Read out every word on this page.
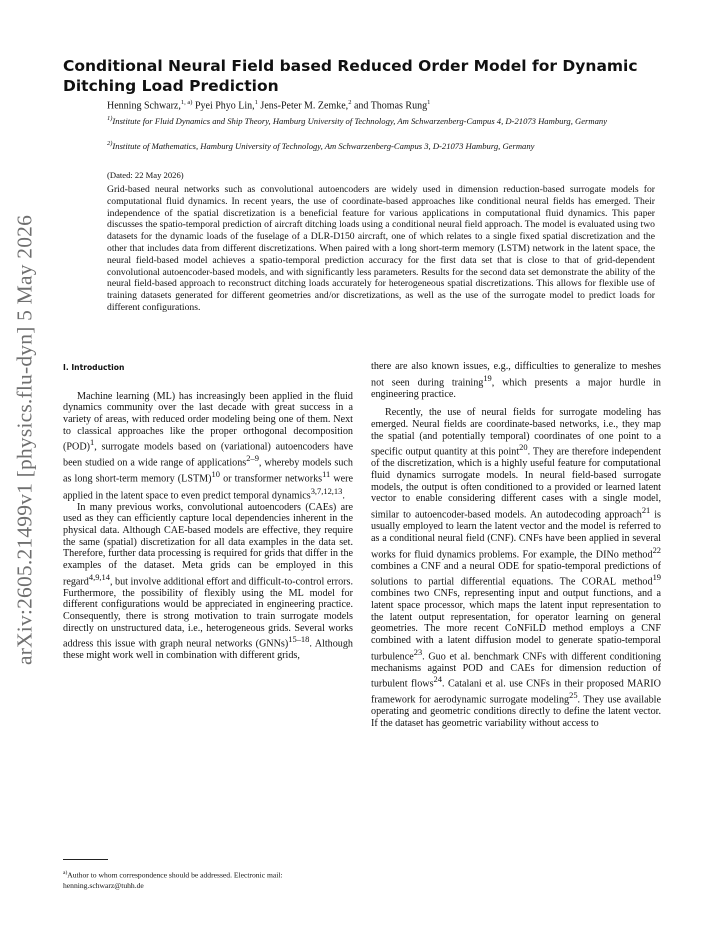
arXiv:2605.21499v1 [physics.flu-dyn] 5 May 2026
Conditional Neural Field based Reduced Order Model for Dynamic Ditching Load Prediction
Henning Schwarz,$^{1, a)}$ Pyei Phyo Lin,$^1$ Jens-Peter M. Zemke,$^2$ and Thomas Rung$^1$
$^{1)}$Institute for Fluid Dynamics and Ship Theory, Hamburg University of Technology, Am Schwarzenberg-Campus 4, D-21073 Hamburg, Germany
$^{2)}$Institute of Mathematics, Hamburg University of Technology, Am Schwarzenberg-Campus 3, D-21073 Hamburg, Germany
(Dated: 22 May 2026)

Grid-based neural networks such as convolutional autoencoders are widely used in dimension reduction-based surrogate models for computational fluid dynamics. In recent years, the use of coordinate-based approaches like conditional neural fields has emerged. Their independence of the spatial discretization is a beneficial feature for various applications in computational fluid dynamics. This paper discusses the spatio-temporal prediction of aircraft ditching loads using a conditional neural field approach. The model is evaluated using two datasets for the dynamic loads of the fuselage of a DLR-D150 aircraft, one of which relates to a single fixed spatial discretization and the other that includes data from different discretizations. When paired with a long short-term memory (LSTM) network in the latent space, the neural field-based model achieves a spatio-temporal prediction accuracy for the first data set that is close to that of grid-dependent convolutional autoencoder-based models, and with significantly less parameters. Results for the second data set demonstrate the ability of the neural field-based approach to reconstruct ditching loads accurately for heterogeneous spatial discretizations. This allows for flexible use of training datasets generated for different geometries and/or discretizations, as well as the use of the surrogate model to predict loads for different configurations.

I. Introduction

Machine learning (ML) has increasingly been applied in the fluid dynamics community over the last decade with great success in a variety of areas, with reduced order modeling being one of them. Next to classical approaches like the proper orthogonal decomposition (POD)$^1$, surrogate models based on (variational) autoencoders have been studied on a wide range of applications$^{2-9}$, whereby models such as long short-term memory (LSTM)$^{10}$ or transformer networks$^{11}$ were applied in the latent space to even predict temporal dynamics$^{3,7,12,13}$.

In many previous works, convolutional autoencoders (CAEs) are used as they can efficiently capture local dependencies inherent in the physical data. Although CAE-based models are effective, they require the same (spatial) discretization for all data examples in the data set. Therefore, further data processing is required for grids that differ in the examples of the dataset. Meta grids can be employed in this regard$^{4,9,14}$, but involve additional effort and difficult-to-control errors. Furthermore, the possibility of flexibly using the ML model for different configurations would be appreciated in engineering practice. Consequently, there is strong motivation to train surrogate models directly on unstructured data, i.e., heterogeneous grids. Several works address this issue with graph neural networks (GNNs)$^{15-18}$. Although these might work well in combination with different grids,

there are also known issues, e.g., difficulties to generalize to meshes not seen during training$^{19}$, which presents a major hurdle in engineering practice.

Recently, the use of neural fields for surrogate modeling has emerged. Neural fields are coordinate-based networks, i.e., they map the spatial (and potentially temporal) coordinates of one point to a specific output quantity at this point$^{20}$. They are therefore independent of the discretization, which is a highly useful feature for computational fluid dynamics surrogate models. In neural field-based surrogate models, the output is often conditioned to a provided or learned latent vector to enable considering different cases with a single model, similar to autoencoder-based models. An autodecoding approach$^{21}$ is usually employed to learn the latent vector and the model is referred to as a conditional neural field (CNF). CNFs have been applied in several works for fluid dynamics problems. For example, the DINo method$^{22}$ combines a CNF and a neural ODE for spatio-temporal predictions of solutions to partial differential equations. The CORAL method$^{19}$ combines two CNFs, representing input and output functions, and a latent space processor, which maps the latent input representation to the latent output representation, for operator learning on general geometries. The more recent CoNFiLD method employs a CNF combined with a latent diffusion model to generate spatio-temporal turbulence$^{23}$. Guo et al. benchmark CNFs with different conditioning mechanisms against POD and CAEs for dimension reduction of turbulent flows$^{24}$. Catalani et al. use CNFs in their proposed MARIO framework for aerodynamic surrogate modeling$^{25}$. They use available operating and geometric conditions directly to define the latent vector. If the dataset has geometric variability without access to

$^{a)}$Author to whom correspondence should be addressed. Electronic mail: henning.schwarz@tuhh.de
